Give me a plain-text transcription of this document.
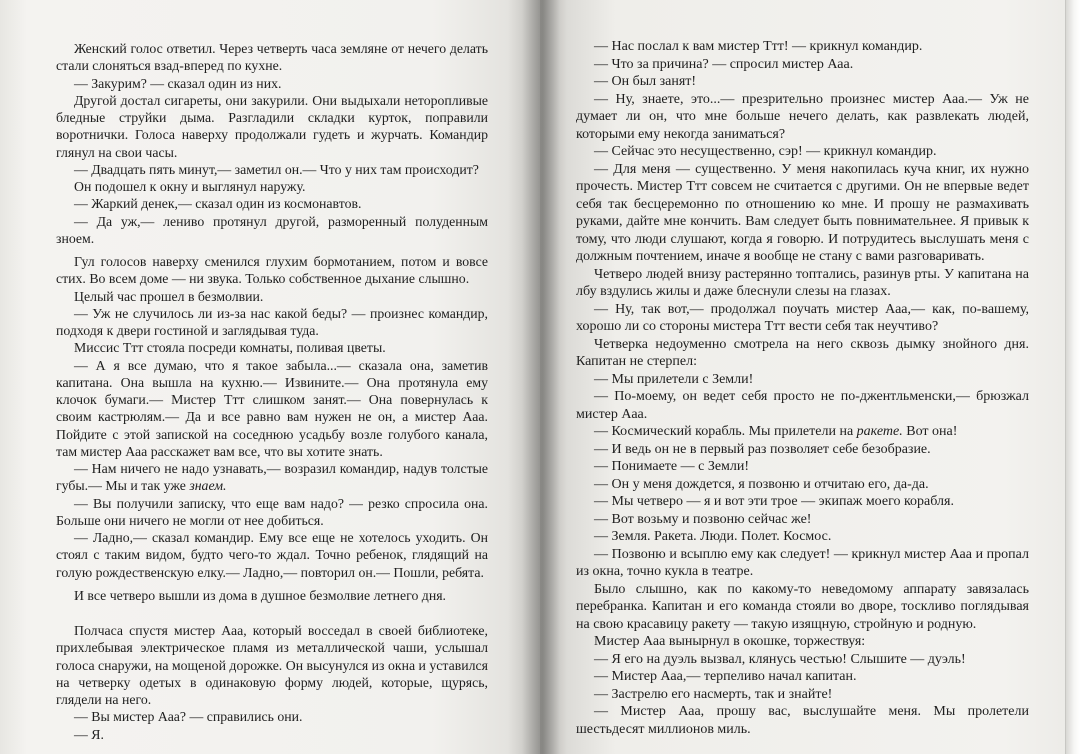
Женский голос ответил. Через четверть часа земляне от нечего делать стали слоняться взад-вперед по кухне.

— Закурим? — сказал один из них.

Другой достал сигареты, они закурили. Они выдыхали неторопливые бледные струйки дыма. Разгладили складки курток, поправили воротнички. Голоса наверху продолжали гудеть и журчать. Командир глянул на свои часы.

— Двадцать пять минут,— заметил он.— Что у них там происходит?

Он подошел к окну и выглянул наружу.

— Жаркий денек,— сказал один из космонавтов.

— Да уж,— лениво протянул другой, разморенный полуденным зноем.

Гул голосов наверху сменился глухим бормотанием, потом и вовсе стих. Во всем доме — ни звука. Только собственное дыхание слышно.

Целый час прошел в безмолвии.

— Уж не случилось ли из-за нас какой беды? — произнес командир, подходя к двери гостиной и заглядывая туда.

Миссис Ттт стояла посреди комнаты, поливая цветы.

— А я все думаю, что я такое забыла...— сказала она, заметив капитана. Она вышла на кухню.— Извините.— Она протянула ему клочок бумаги.— Мистер Ттт слишком занят.— Она повернулась к своим кастрюлям.— Да и все равно вам нужен не он, а мистер Ааа. Пойдите с этой запиской на соседнюю усадьбу возле голубого канала, там мистер Ааа расскажет вам все, что вы хотите знать.

— Нам ничего не надо узнавать,— возразил командир, надув толстые губы.— Мы и так уже знаем.

— Вы получили записку, что еще вам надо? — резко спросила она. Больше они ничего не могли от нее добиться.

— Ладно,— сказал командир. Ему все еще не хотелось уходить. Он стоял с таким видом, будто чего-то ждал. Точно ребенок, глядящий на голую рождественскую елку.— Ладно,— повторил он.— Пошли, ребята.

И все четверо вышли из дома в душное безмолвие летнего дня.

Полчаса спустя мистер Ааа, который восседал в своей библиотеке, прихлебывая электрическое пламя из металлической чаши, услышал голоса снаружи, на мощеной дорожке. Он высунулся из окна и уставился на четверку одетых в одинаковую форму людей, которые, щурясь, глядели на него.

— Вы мистер Ааа? — справились они.

— Я.

— Нас послал к вам мистер Ттт! — крикнул командир.

— Что за причина? — спросил мистер Ааа.

— Он был занят!

— Ну, знаете, это...— презрительно произнес мистер Ааа.— Уж не думает ли он, что мне больше нечего делать, как развлекать людей, которыми ему некогда заниматься?

— Сейчас это несущественно, сэр! — крикнул командир.

— Для меня — существенно. У меня накопилась куча книг, их нужно прочесть. Мистер Ттт совсем не считается с другими. Он не впервые ведет себя так бесцеремонно по отношению ко мне. И прошу не размахивать руками, дайте мне кончить. Вам следует быть повнимательнее. Я привык к тому, что люди слушают, когда я говорю. И потрудитесь выслушать меня с должным почтением, иначе я вообще не стану с вами разговаривать.

Четверо людей внизу растерянно топтались, разинув рты. У капитана на лбу вздулись жилы и даже блеснули слезы на глазах.

— Ну, так вот,— продолжал поучать мистер Ааа,— как, по-вашему, хорошо ли со стороны мистера Ттт вести себя так неучтиво?

Четверка недоуменно смотрела на него сквозь дымку знойного дня. Капитан не стерпел:

— Мы прилетели с Земли!

— По-моему, он ведет себя просто не по-джентльменски,— брюзжал мистер Ааа.

— Космический корабль. Мы прилетели на ракете. Вот она!

— И ведь он не в первый раз позволяет себе безобразие.

— Понимаете — с Земли!

— Он у меня дождется, я позвоню и отчитаю его, да-да.

— Мы четверо — я и вот эти трое — экипаж моего корабля.

— Вот возьму и позвоню сейчас же!

— Земля. Ракета. Люди. Полет. Космос.

— Позвоню и всыплю ему как следует! — крикнул мистер Ааа и пропал из окна, точно кукла в театре.

Было слышно, как по какому-то неведомому аппарату завязалась перебранка. Капитан и его команда стояли во дворе, тоскливо поглядывая на свою красавицу ракету — такую изящную, стройную и родную.

Мистер Ааа вынырнул в окошке, торжествуя:

— Я его на дуэль вызвал, клянусь честью! Слышите — дуэль!

— Мистер Ааа,— терпеливо начал капитан.

— Застрелю его насмерть, так и знайте!

— Мистер Ааа, прошу вас, выслушайте меня. Мы пролетели шестьдесят миллионов миль.
